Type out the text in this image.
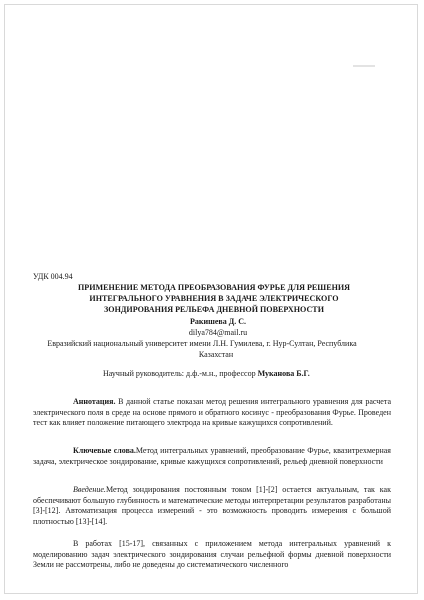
УДК 004.94
ПРИМЕНЕНИЕ МЕТОДА ПРЕОБРАЗОВАНИЯ ФУРЬЕ ДЛЯ РЕШЕНИЯ
ИНТЕГРАЛЬНОГО УРАВНЕНИЯ В ЗАДАЧЕ ЭЛЕКТРИЧЕСКОГО
ЗОНДИРОВАНИЯ РЕЛЬЕФА ДНЕВНОЙ ПОВЕРХНОСТИ
Ракишева Д. С.
dilya784@mail.ru
Евразийский национальный университет имени Л.Н. Гумилева, г. Нур-Султан, Республика
Казахстан
Научный руководитель: д.ф.-м.н., профессор Муканова Б.Г.
Аннотация. В данной статье показан метод решения интегрального уравнения для расчета электрического поля в среде на основе прямого и обратного косинус - преобразования Фурье. Проведен тест как влияет положение питающего электрода на кривые кажущихся сопротивлений.
Ключевые слова.Метод интегральных уравнений, преобразование Фурье, квазитрехмерная задача, электрическое зондирование, кривые кажущихся сопротивлений, рельеф дневной поверхности
Введение.Метод зондирования постоянным током [1]-[2] остается актуальным, так как обеспечивают большую глубинность и математические методы интерпретации результатов разработаны [3]-[12]. Автоматизация процесса измерений - это возможность проводить измерения с большой плотностью [13]-[14].
В работах [15-17], связанных с приложением метода интегральных уравнений к моделированию задач электрического зондирования случаи рельефной формы дневной поверхности Земли не рассмотрены, либо не доведены до систематического численного
